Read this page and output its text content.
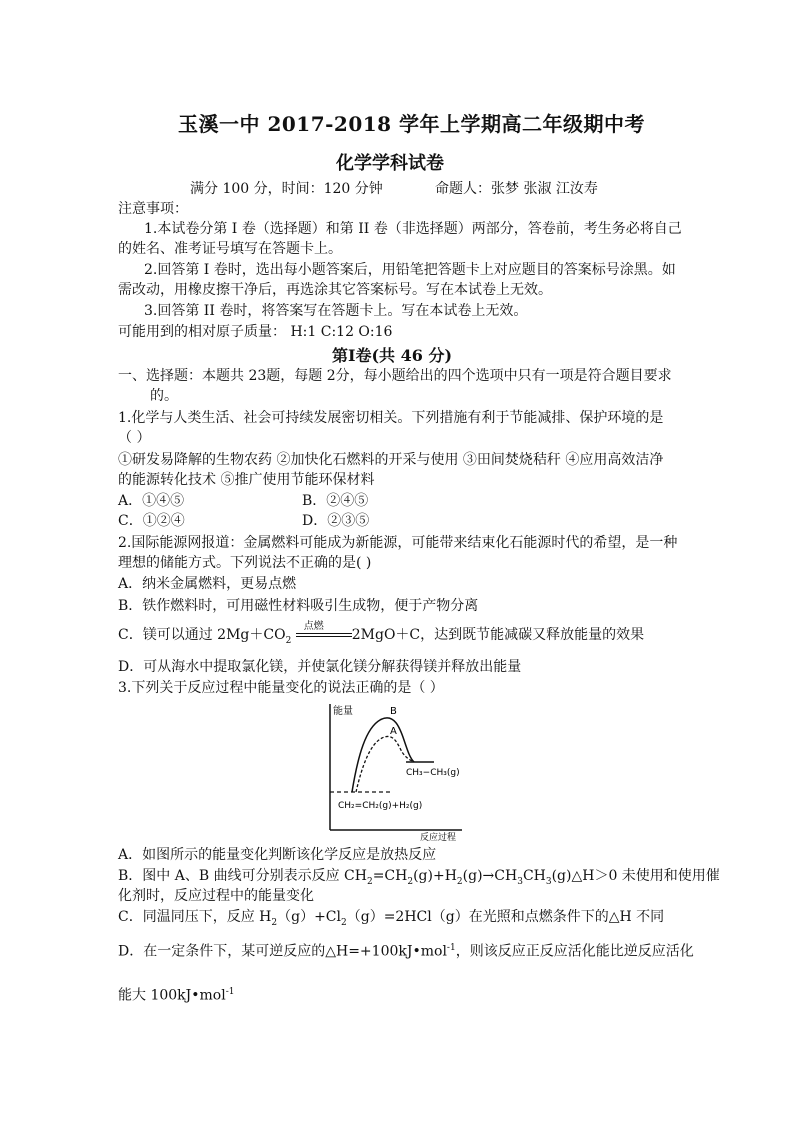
玉溪一中 2017-2018 学年上学期高二年级期中考
化学学科试卷
满分 100 分，时间：120 分钟	命题人：张梦 张淑 江汝寿
注意事项：
1.本试卷分第 I 卷（选择题）和第 II 卷（非选择题）两部分，答卷前，考生务必将自己
的姓名、准考证号填写在答题卡上。
2.回答第 I 卷时，选出每小题答案后，用铅笔把答题卡上对应题目的答案标号涂黑。如
需改动，用橡皮擦干净后，再选涂其它答案标号。写在本试卷上无效。
3.回答第 II 卷时，将答案写在答题卡上。写在本试卷上无效。
可能用到的相对原子质量： H:1 C:12 O:16
第Ⅰ卷(共 46 分)
一、选择题：本题共 23题，每题 2分，每小题给出的四个选项中只有一项是符合题目要求
的。
1.化学与人类生活、社会可持续发展密切相关。下列措施有利于节能减排、保护环境的是
（ ）
①研发易降解的生物农药 ②加快化石燃料的开采与使用 ③田间焚烧秸秆 ④应用高效洁净
的能源转化技术 ⑤推广使用节能环保材料
A．①④⑤	B．②④⑤
C．①②④	D．②③⑤
2.国际能源网报道：金属燃料可能成为新能源，可能带来结束化石能源时代的希望，是一种
理想的储能方式。下列说法不正确的是( )
A．纳米金属燃料，更易点燃
B．铁作燃料时，可用磁性材料吸引生成物，便于产物分离
C．镁可以通过 $2Mg+CO_2$
点燃
2MgO＋C，达到既节能减碳又释放能量的效果
D．可从海水中提取氯化镁，并使氯化镁分解获得镁并释放出能量
3.下列关于反应过程中能量变化的说法正确的是（ ）
能量
反应过程
B
A
CH₃−CH₃(g)
CH₂=CH₂(g)+H₂(g)
A．如图所示的能量变化判断该化学反应是放热反应
B．图中 A、B 曲线可分别表示反应 $CH_2=CH_2(g)+H_2(g)\to CH_3CH_3(g)\triangle H>0$ 未使用和使用催
化剂时，反应过程中的能量变化
C．同温同压下，反应 $H_2(g)+Cl_2(g)=2HCl(g)$在光照和点燃条件下的△H 不同
D．在一定条件下，某可逆反应的△H=+100kJ•mol$^{-1}$，则该反应正反应活化能比逆反应活化
能大 100kJ•mol$^{-1}$
